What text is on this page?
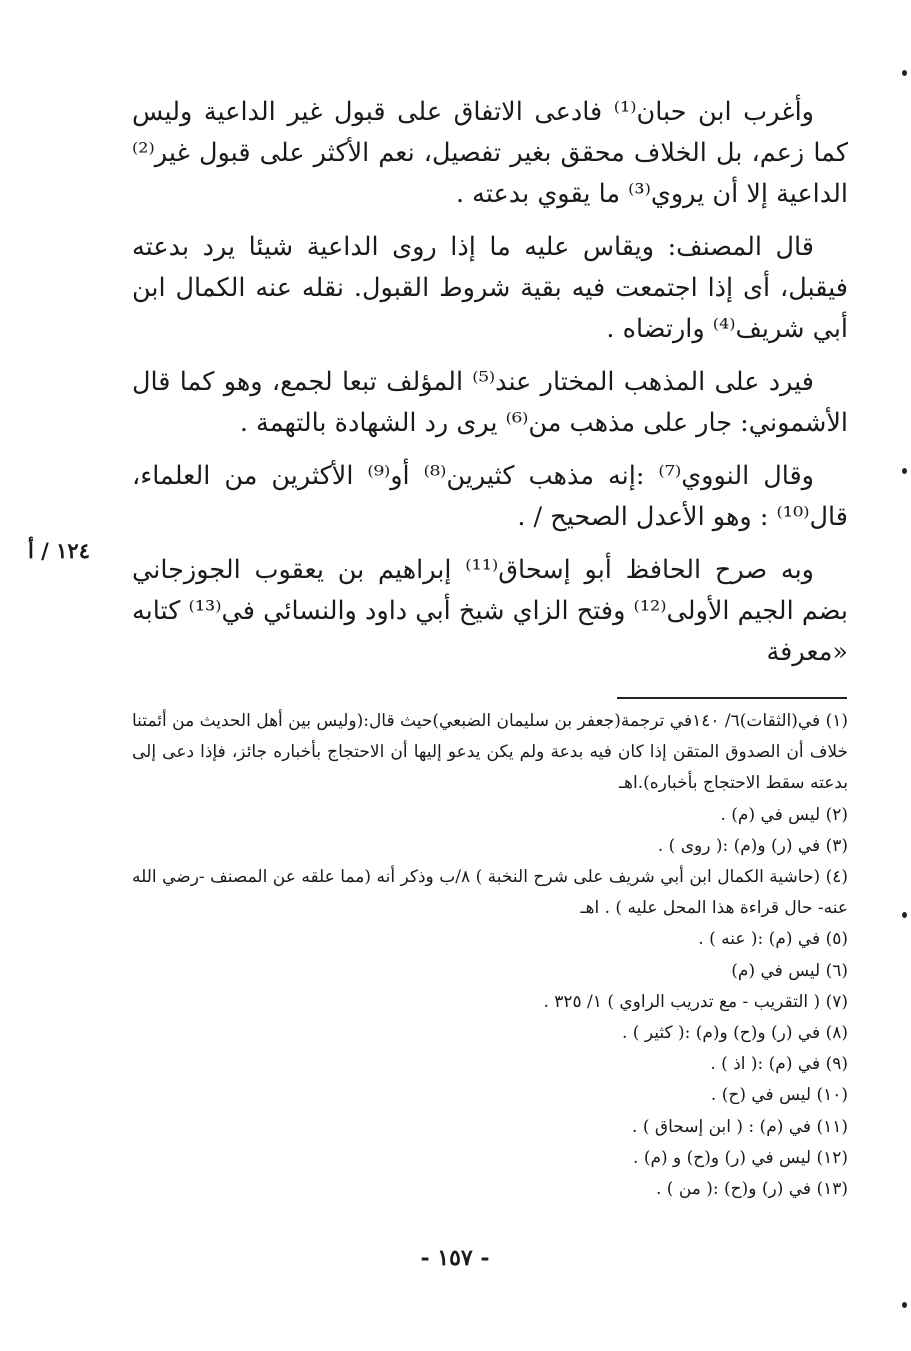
وأغرب ابن حبان⁽¹⁾ فادعى الاتفاق على قبول غير الداعية وليس كما زعم، بل الخلاف محقق بغير تفصيل، نعم الأكثر على قبول غير⁽²⁾ الداعية إلا أن يروي⁽³⁾ ما يقوي بدعته .

قال المصنف: ويقاس عليه ما إذا روى الداعية شيئا يرد بدعته فيقبل، أى إذا اجتمعت فيه بقية شروط القبول. نقله عنه الكمال ابن أبي شريف⁽⁴⁾ وارتضاه .

فيرد على المذهب المختار عند⁽⁵⁾ المؤلف تبعا لجمع، وهو كما قال الأشموني: جار على مذهب من⁽⁶⁾ يرى رد الشهادة بالتهمة .

وقال النووي⁽⁷⁾ :إنه مذهب كثيرين⁽⁸⁾ أو⁽⁹⁾ الأكثرين من العلماء، قال⁽¹⁰⁾ : وهو الأعدل الصحيح / .

وبه صرح الحافظ أبو إسحاق⁽¹¹⁾ إبراهيم بن يعقوب الجوزجاني بضم الجيم الأولى⁽¹²⁾ وفتح الزاي شيخ أبي داود والنسائي في⁽¹³⁾ كتابه «معرفة

١٢٤ / أ

(١) في(الثقات)٦/ ١٤٠في ترجمة(جعفر بن سليمان الضبعي)حيث قال:(وليس بين أهل الحديث من أئمتنا خلاف أن الصدوق المتقن إذا كان فيه بدعة ولم يكن يدعو إليها أن الاحتجاج بأخباره جائز، فإذا دعى إلى بدعته سقط الاحتجاج بأخباره).اهـ

(٢) ليس في (م) .

(٣) في (ر) و(م) :( روى ) .

(٤) (حاشية الكمال ابن أبي شريف على شرح النخبة ) ٨/ب وذكر أنه (مما علقه عن المصنف -رضي الله عنه- حال قراءة هذا المحل عليه ) . اهـ

(٥) في (م) :( عنه ) .

(٦) ليس في (م)

(٧) ( التقريب - مع تدريب الراوي ) ١/ ٣٢٥ .

(٨) في (ر) و(ح) و(م) :( كثير ) .

(٩) في (م) :( اذ ) .

(١٠) ليس في (ح) .

(١١) في (م) : ( ابن إسحاق ) .

(١٢) ليس في (ر) و(ح) و (م) .

(١٣) في (ر) و(ح) :( من ) .

- ١٥٧ -
